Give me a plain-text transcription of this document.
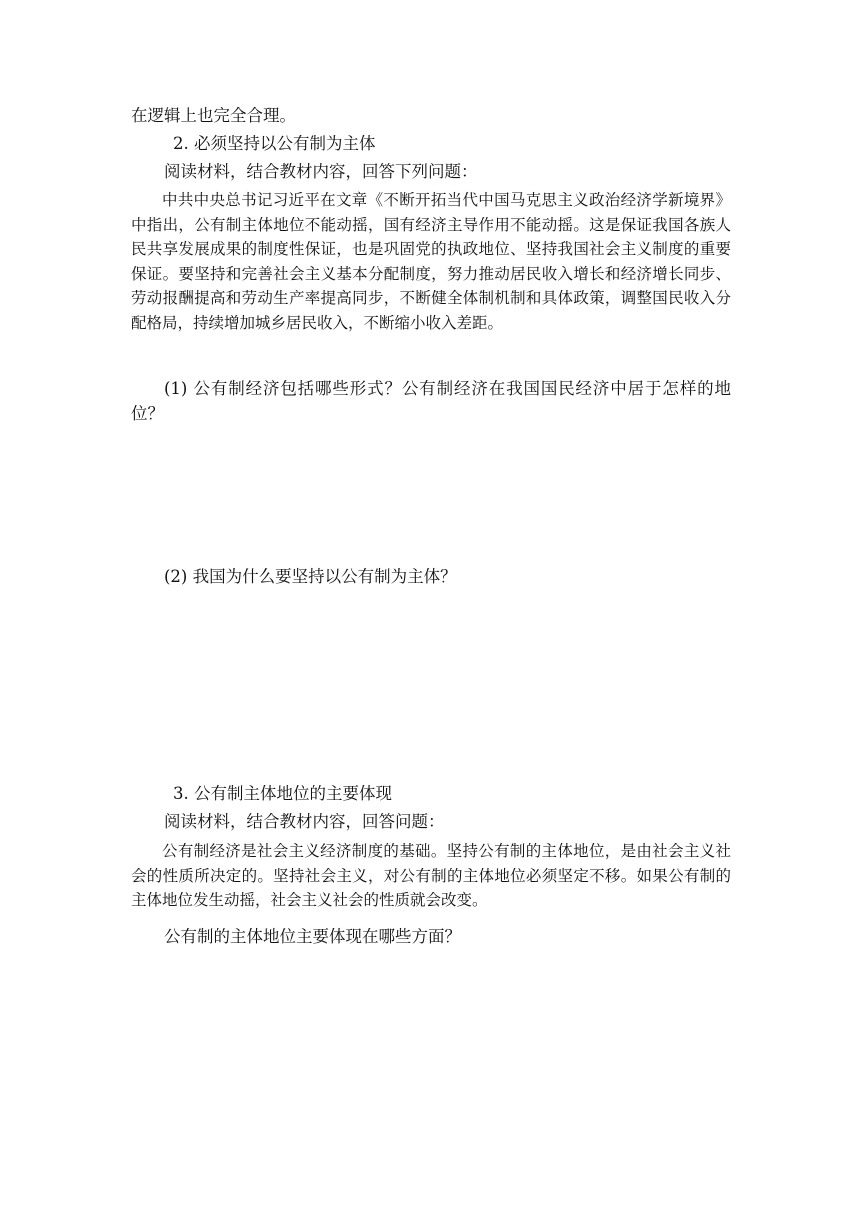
在逻辑上也完全合理。
2. 必须坚持以公有制为主体
阅读材料，结合教材内容，回答下列问题：
中共中央总书记习近平在文章《不断开拓当代中国马克思主义政治经济学新境界》中指出，公有制主体地位不能动摇，国有经济主导作用不能动摇。这是保证我国各族人民共享发展成果的制度性保证，也是巩固党的执政地位、坚持我国社会主义制度的重要保证。要坚持和完善社会主义基本分配制度，努力推动居民收入增长和经济增长同步、劳动报酬提高和劳动生产率提高同步，不断健全体制机制和具体政策，调整国民收入分配格局，持续增加城乡居民收入，不断缩小收入差距。
(1) 公有制经济包括哪些形式？公有制经济在我国国民经济中居于怎样的地位？
(2) 我国为什么要坚持以公有制为主体？
3. 公有制主体地位的主要体现
阅读材料，结合教材内容，回答问题：
公有制经济是社会主义经济制度的基础。坚持公有制的主体地位，是由社会主义社会的性质所决定的。坚持社会主义，对公有制的主体地位必须坚定不移。如果公有制的主体地位发生动摇，社会主义社会的性质就会改变。
公有制的主体地位主要体现在哪些方面？
